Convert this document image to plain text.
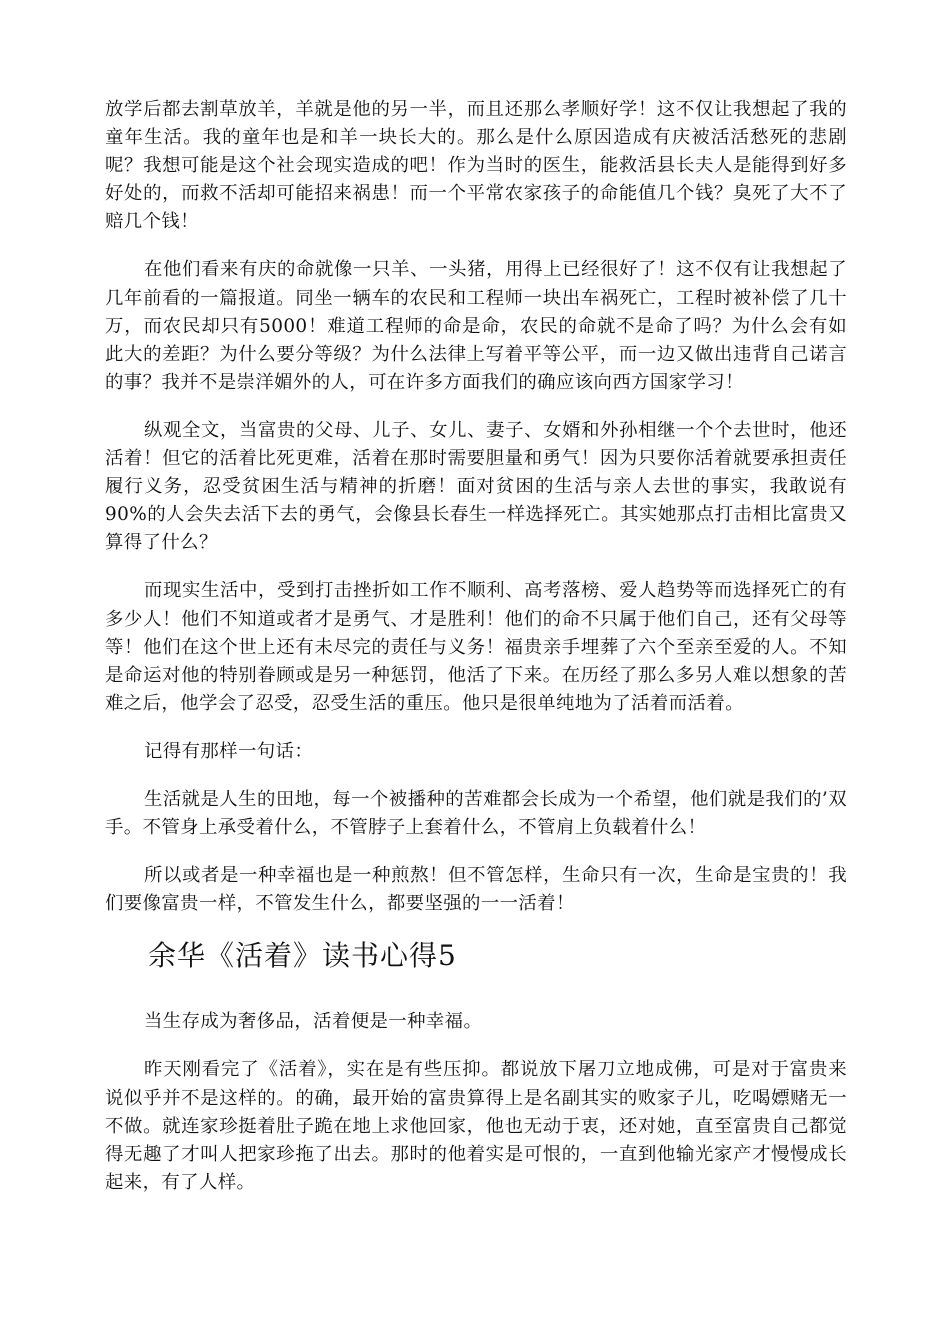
放学后都去割草放羊，羊就是他的另一半，而且还那么孝顺好学！这不仅让我想起了我的童年生活。我的童年也是和羊一块长大的。那么是什么原因造成有庆被活活愁死的悲剧呢？我想可能是这个社会现实造成的吧！作为当时的医生，能救活县长夫人是能得到好多好处的，而救不活却可能招来祸患！而一个平常农家孩子的命能值几个钱？臭死了大不了赔几个钱！

在他们看来有庆的命就像一只羊、一头猪，用得上已经很好了！这不仅有让我想起了几年前看的一篇报道。同坐一辆车的农民和工程师一块出车祸死亡，工程时被补偿了几十万，而农民却只有5000！难道工程师的命是命，农民的命就不是命了吗？为什么会有如此大的差距？为什么要分等级？为什么法律上写着平等公平，而一边又做出违背自己诺言的事？我并不是崇洋媚外的人，可在许多方面我们的确应该向西方国家学习！

纵观全文，当富贵的父母、儿子、女儿、妻子、女婿和外孙相继一个个去世时，他还活着！但它的活着比死更难，活着在那时需要胆量和勇气！因为只要你活着就要承担责任履行义务，忍受贫困生活与精神的折磨！面对贫困的生活与亲人去世的事实，我敢说有90%的人会失去活下去的勇气，会像县长春生一样选择死亡。其实她那点打击相比富贵又算得了什么？

而现实生活中，受到打击挫折如工作不顺利、高考落榜、爱人趋势等而选择死亡的有多少人！他们不知道或者才是勇气、才是胜利！他们的命不只属于他们自己，还有父母等等！他们在这个世上还有未尽完的责任与义务！福贵亲手埋葬了六个至亲至爱的人。不知是命运对他的特别眷顾或是另一种惩罚，他活了下来。在历经了那么多另人难以想象的苦难之后，他学会了忍受，忍受生活的重压。他只是很单纯地为了活着而活着。

记得有那样一句话：

生活就是人生的田地，每一个被播种的苦难都会长成为一个希望，他们就是我们的’双手。不管身上承受着什么，不管脖子上套着什么，不管肩上负载着什么！

所以或者是一种幸福也是一种煎熬！但不管怎样，生命只有一次，生命是宝贵的！我们要像富贵一样，不管发生什么，都要坚强的一一活着！

余华《活着》读书心得5

当生存成为奢侈品，活着便是一种幸福。

昨天刚看完了《活着》，实在是有些压抑。都说放下屠刀立地成佛，可是对于富贵来说似乎并不是这样的。的确，最开始的富贵算得上是名副其实的败家子儿，吃喝嫖赌无一不做。就连家珍挺着肚子跪在地上求他回家，他也无动于衷，还对她，直至富贵自己都觉得无趣了才叫人把家珍拖了出去。那时的他着实是可恨的，一直到他输光家产才慢慢成长起来，有了人样。
